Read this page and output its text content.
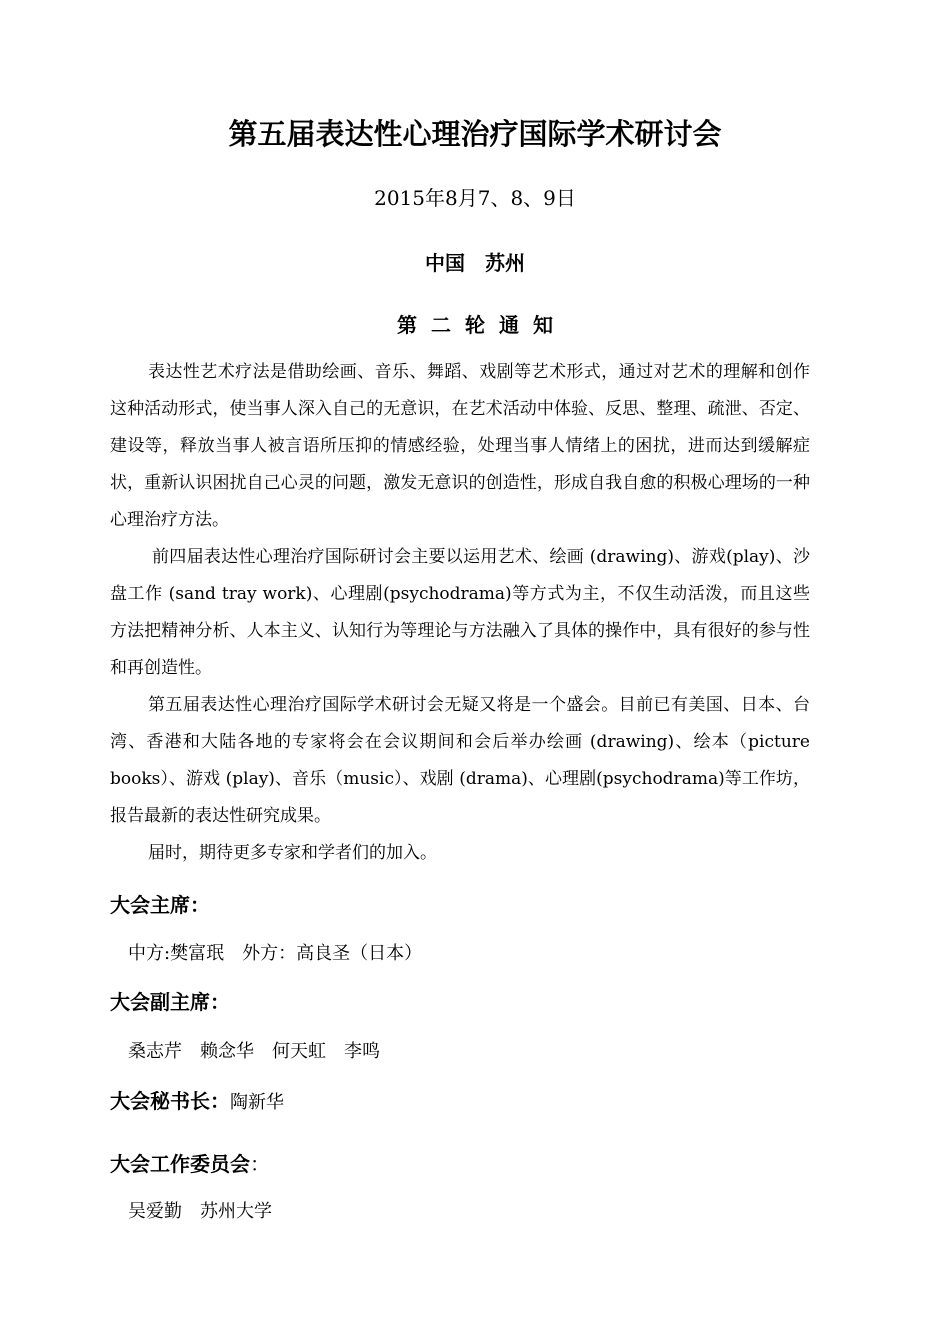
第五届表达性心理治疗国际学术研讨会
2015年8月7、8、9日
中国　苏州
第二轮通知
表达性艺术疗法是借助绘画、音乐、舞蹈、戏剧等艺术形式，通过对艺术的理解和创作这种活动形式，使当事人深入自己的无意识，在艺术活动中体验、反思、整理、疏泄、否定、建设等，释放当事人被言语所压抑的情感经验，处理当事人情绪上的困扰，进而达到缓解症状，重新认识困扰自己心灵的问题，激发无意识的创造性，形成自我自愈的积极心理场的一种心理治疗方法。
前四届表达性心理治疗国际研讨会主要以运用艺术、绘画 (drawing)、游戏(play)、沙盘工作 (sand tray work)、心理剧(psychodrama)等方式为主，不仅生动活泼，而且这些方法把精神分析、人本主义、认知行为等理论与方法融入了具体的操作中，具有很好的参与性和再创造性。
第五届表达性心理治疗国际学术研讨会无疑又将是一个盛会。目前已有美国、日本、台湾、香港和大陆各地的专家将会在会议期间和会后举办绘画 (drawing)、绘本（picture books）、游戏 (play)、音乐（music）、戏剧 (drama)、心理剧(psychodrama)等工作坊，报告最新的表达性研究成果。
届时，期待更多专家和学者们的加入。
大会主席：
中方:樊富珉　外方：高良圣（日本）
大会副主席：
桑志芹　赖念华　何天虹　李鸣
大会秘书长：陶新华
大会工作委员会：
吴爱勤　苏州大学
